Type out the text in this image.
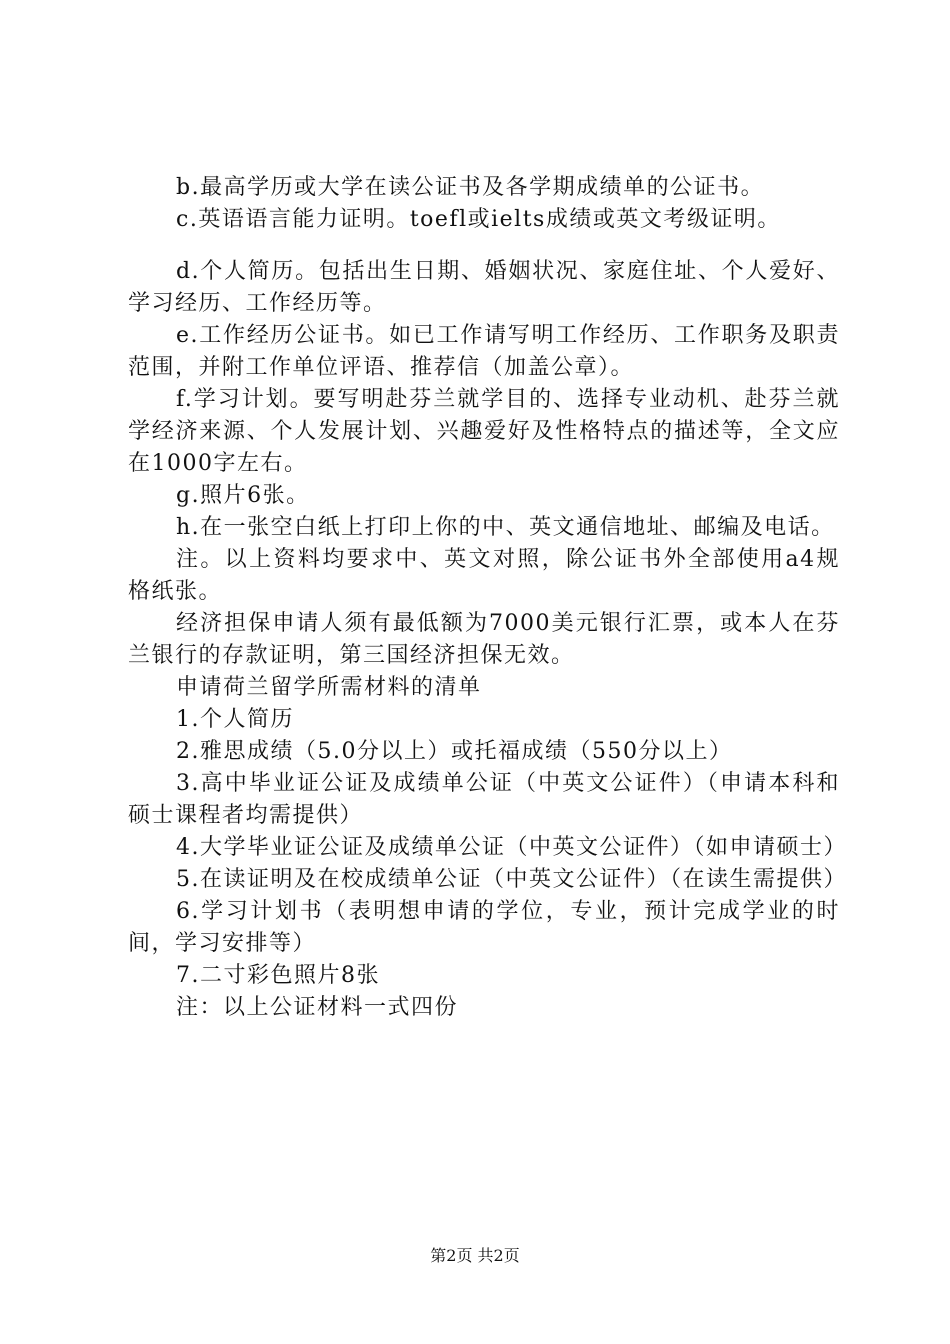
b.最高学历或大学在读公证书及各学期成绩单的公证书。

c.英语语言能力证明。toefl或ielts成绩或英文考级证明。

d.个人简历。包括出生日期、婚姻状况、家庭住址、个人爱好、学习经历、工作经历等。

e.工作经历公证书。如已工作请写明工作经历、工作职务及职责范围，并附工作单位评语、推荐信（加盖公章）。

f.学习计划。要写明赴芬兰就学目的、选择专业动机、赴芬兰就学经济来源、个人发展计划、兴趣爱好及性格特点的描述等，全文应在1000字左右。

g.照片6张。

h.在一张空白纸上打印上你的中、英文通信地址、邮编及电话。

注。以上资料均要求中、英文对照，除公证书外全部使用a4规格纸张。

经济担保申请人须有最低额为7000美元银行汇票，或本人在芬兰银行的存款证明，第三国经济担保无效。

申请荷兰留学所需材料的清单

1.个人简历

2.雅思成绩（5.0分以上）或托福成绩（550分以上）

3.高中毕业证公证及成绩单公证（中英文公证件）（申请本科和硕士课程者均需提供）

4.大学毕业证公证及成绩单公证（中英文公证件）（如申请硕士）

5.在读证明及在校成绩单公证（中英文公证件）（在读生需提供）

6.学习计划书（表明想申请的学位，专业，预计完成学业的时间，学习安排等）

7.二寸彩色照片8张

注：以上公证材料一式四份

第2页 共2页
